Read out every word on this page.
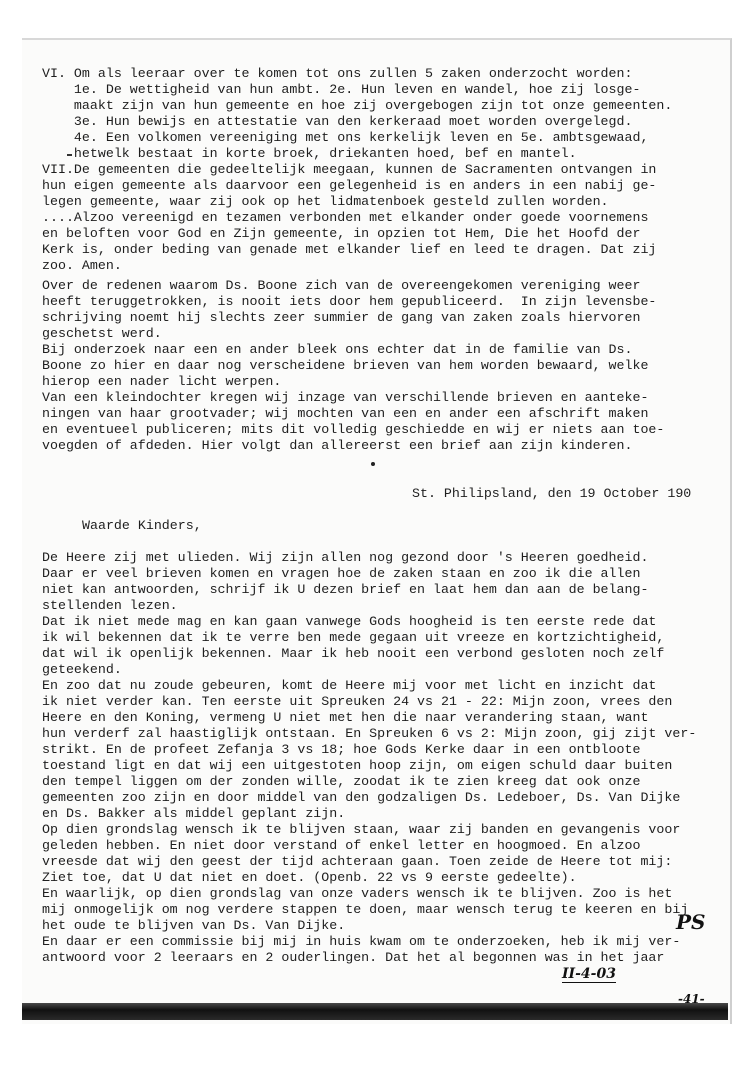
VI. Om als leeraar over te komen tot ons zullen 5 zaken onderzocht worden:
1e. De wettigheid van hun ambt. 2e. Hun leven en wandel, hoe zij losge-
maakt zijn van hun gemeente en hoe zij overgebogen zijn tot onze gemeenten.
3e. Hun bewijs en attestatie van den kerkeraad moet worden overgelegd.
4e. Een volkomen vereeniging met ons kerkelijk leven en 5e. ambtsgewaad,
hetwelk bestaat in korte broek, driekanten hoed, bef en mantel.
VII.De gemeenten die gedeeltelijk meegaan, kunnen de Sacramenten ontvangen in
hun eigen gemeente als daarvoor een gelegenheid is en anders in een nabij ge-
legen gemeente, waar zij ook op het lidmatenboek gesteld zullen worden.
....Alzoo vereenigd en tezamen verbonden met elkander onder goede voornemens
en beloften voor God en Zijn gemeente, in opzien tot Hem, Die het Hoofd der
Kerk is, onder beding van genade met elkander lief en leed te dragen. Dat zij
zoo. Amen.
Over de redenen waarom Ds. Boone zich van de overeengekomen vereniging weer
heeft teruggetrokken, is nooit iets door hem gepubliceerd.  In zijn levensbe-
schrijving noemt hij slechts zeer summier de gang van zaken zoals hiervoren
geschetst werd.
Bij onderzoek naar een en ander bleek ons echter dat in de familie van Ds.
Boone zo hier en daar nog verscheidene brieven van hem worden bewaard, welke
hierop een nader licht werpen.
Van een kleindochter kregen wij inzage van verschillende brieven en aanteke-
ningen van haar grootvader; wij mochten van een en ander een afschrift maken
en eventueel publiceren; mits dit volledig geschiedde en wij er niets aan toe-
voegden of afdeden. Hier volgt dan allereerst een brief aan zijn kinderen.
St. Philipsland, den 19 October 190
Waarde Kinders,
De Heere zij met ulieden. Wij zijn allen nog gezond door 's Heeren goedheid.
Daar er veel brieven komen en vragen hoe de zaken staan en zoo ik die allen
niet kan antwoorden, schrijf ik U dezen brief en laat hem dan aan de belang-
stellenden lezen.
Dat ik niet mede mag en kan gaan vanwege Gods hoogheid is ten eerste rede dat
ik wil bekennen dat ik te verre ben mede gegaan uit vreeze en kortzichtigheid,
dat wil ik openlijk bekennen. Maar ik heb nooit een verbond gesloten noch zelf
geteekend.
En zoo dat nu zoude gebeuren, komt de Heere mij voor met licht en inzicht dat
ik niet verder kan. Ten eerste uit Spreuken 24 vs 21 - 22: Mijn zoon, vrees den
Heere en den Koning, vermeng U niet met hen die naar verandering staan, want
hun verderf zal haastiglijk ontstaan. En Spreuken 6 vs 2: Mijn zoon, gij zijt ver-
strikt. En de profeet Zefanja 3 vs 18; hoe Gods Kerke daar in een ontbloote
toestand ligt en dat wij een uitgestoten hoop zijn, om eigen schuld daar buiten
den tempel liggen om der zonden wille, zoodat ik te zien kreeg dat ook onze
gemeenten zoo zijn en door middel van den godzaligen Ds. Ledeboer, Ds. Van Dijke
en Ds. Bakker als middel geplant zijn.
Op dien grondslag wensch ik te blijven staan, waar zij banden en gevangenis voor
geleden hebben. En niet door verstand of enkel letter en hoogmoed. En alzoo
vreesde dat wij den geest der tijd achteraan gaan. Toen zeide de Heere tot mij:
Ziet toe, dat U dat niet en doet. (Openb. 22 vs 9 eerste gedeelte).
En waarlijk, op dien grondslag van onze vaders wensch ik te blijven. Zoo is het
mij onmogelijk om nog verdere stappen te doen, maar wensch terug te keeren en bij
het oude te blijven van Ds. Van Dijke.
En daar er een commissie bij mij in huis kwam om te onderzoeken, heb ik mij ver-
antwoord voor 2 leeraars en 2 ouderlingen. Dat het al begonnen was in het jaar
PS
II-4-03
-41-
